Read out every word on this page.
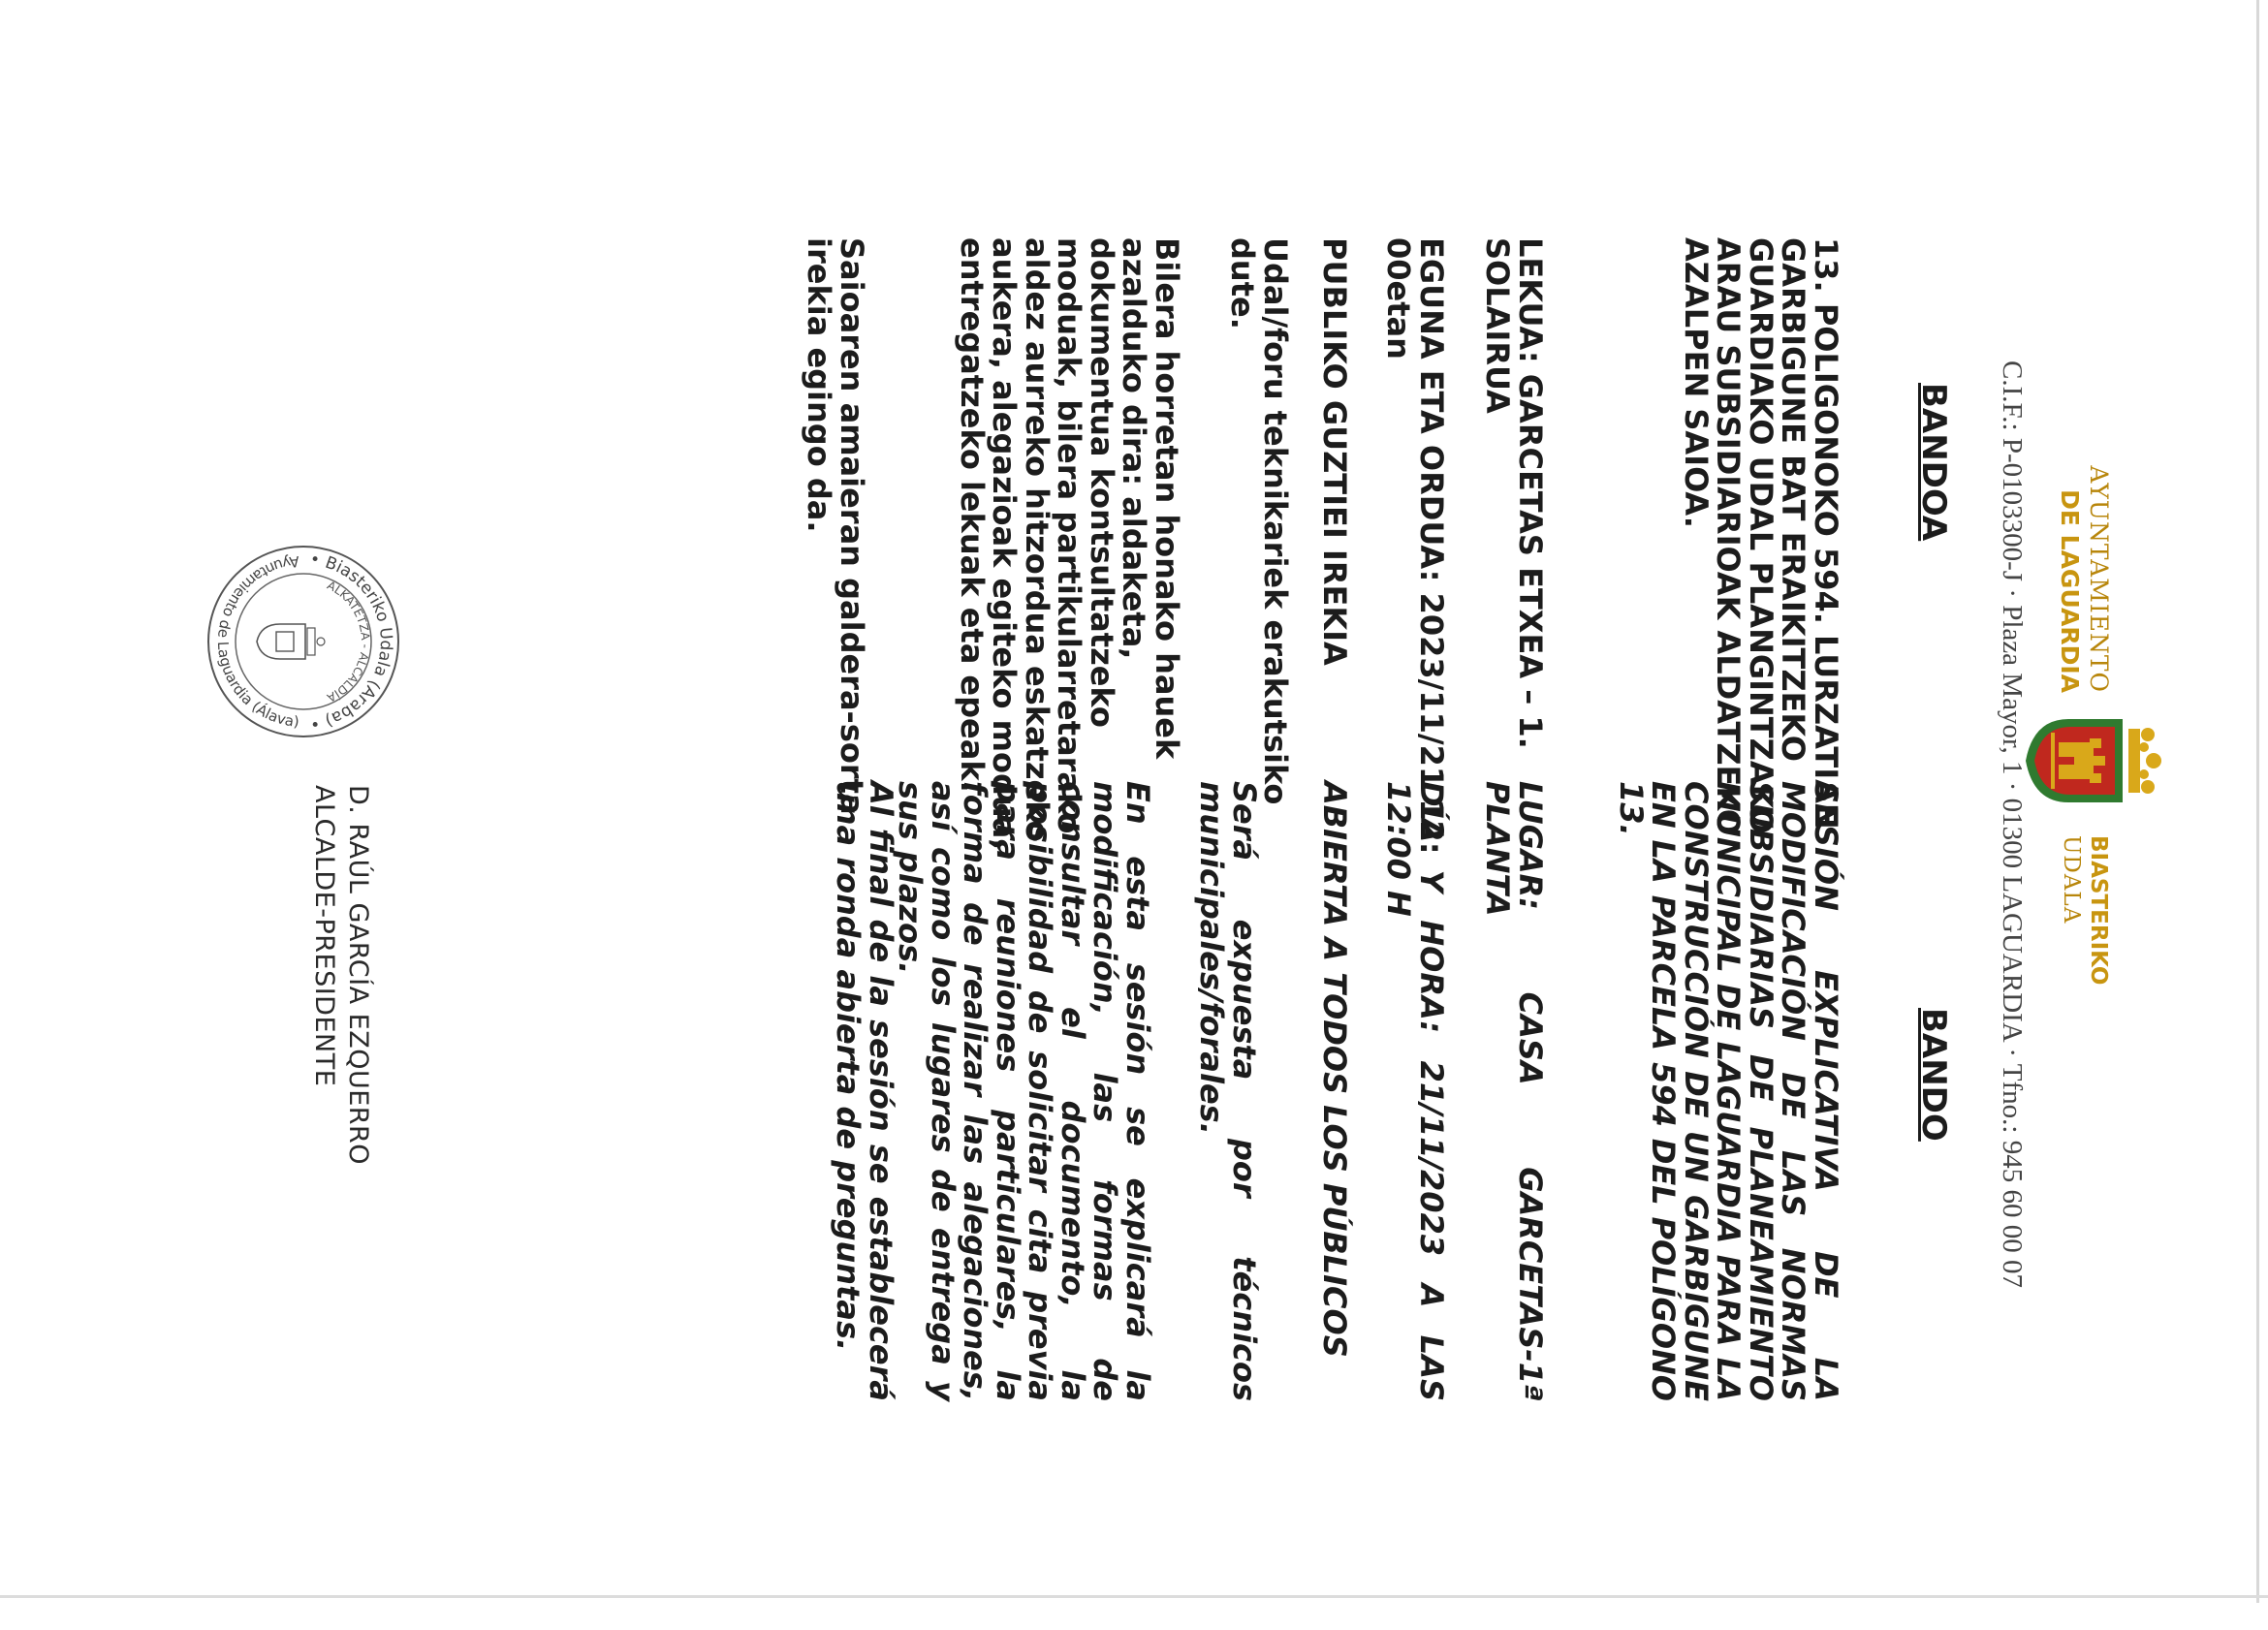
AYUNTAMIENTO
DE LAGUARDIA
BIASTERIKO
UDALA
C.I.F.: P-0103300-J · Plaza Mayor, 1 · 01300 LAGUARDIA · Tfno.: 945 60 00 07
BANDOA
BANDO

13. POLIGONOKO 594. LURZATIAN GARBIGUNE BAT ERAIKITZEKO GUARDIAKO UDAL PLANGINTZAKO ARAU SUBSIDIARIOAK ALDATZEKO AZALPEN SAIOA.

LEKUA: GARCETAS ETXEA – 1. SOLAIRUA

EGUNA ETA ORDUA: 2023/11/21 12: 00etan

PUBLIKO GUZTIEI IREKIA

Udal/foru teknikariek erakutsiko dute.

Bilera horretan honako hauek azalduko dira: aldaketa, dokumentua kontsultatzeko moduak, bilera partikularretarako aldez aurreko hitzordua eskatzeko aukera, alegazioak egiteko modua, entregatzeko lekuak eta epeak.

Saioaren amaieran galdera-sorta irekia egingo da.

SESIÓN EXPLICATIVA DE LA MODIFICACIÓN DE LAS NORMAS SUBSIDIARIAS DE PLANEAMIENTO MUNICIPAL DE LAGUARDIA PARA LA CONSTRUCCIÓN DE UN GARBIGUNE EN LA PARCELA 594 DEL POLÍGONO 13.

LUGAR: CASA GARCETAS-1ª PLANTA

DÍA Y HORA: 21/11/2023 A LAS 12:00 H

ABIERTA A TODOS LOS PÚBLICOS

Será expuesta por técnicos municipales/forales.

En esta sesión se explicará la modificación, las formas de consultar el documento, la posibilidad de solicitar cita previa para reuniones particulares, la forma de realizar las alegaciones, así como los lugares de entrega y sus plazos.

Al final de la sesión se establecerá una ronda abierta de preguntas.

• Biasteriko Udala (Araba) •
Ayuntamiento de Laguardia (Álava)
ALKATETZA - ALCALDÍA
D. RAÚL GARCÍA EZQUERRO
ALCALDE-PRESIDENTE
